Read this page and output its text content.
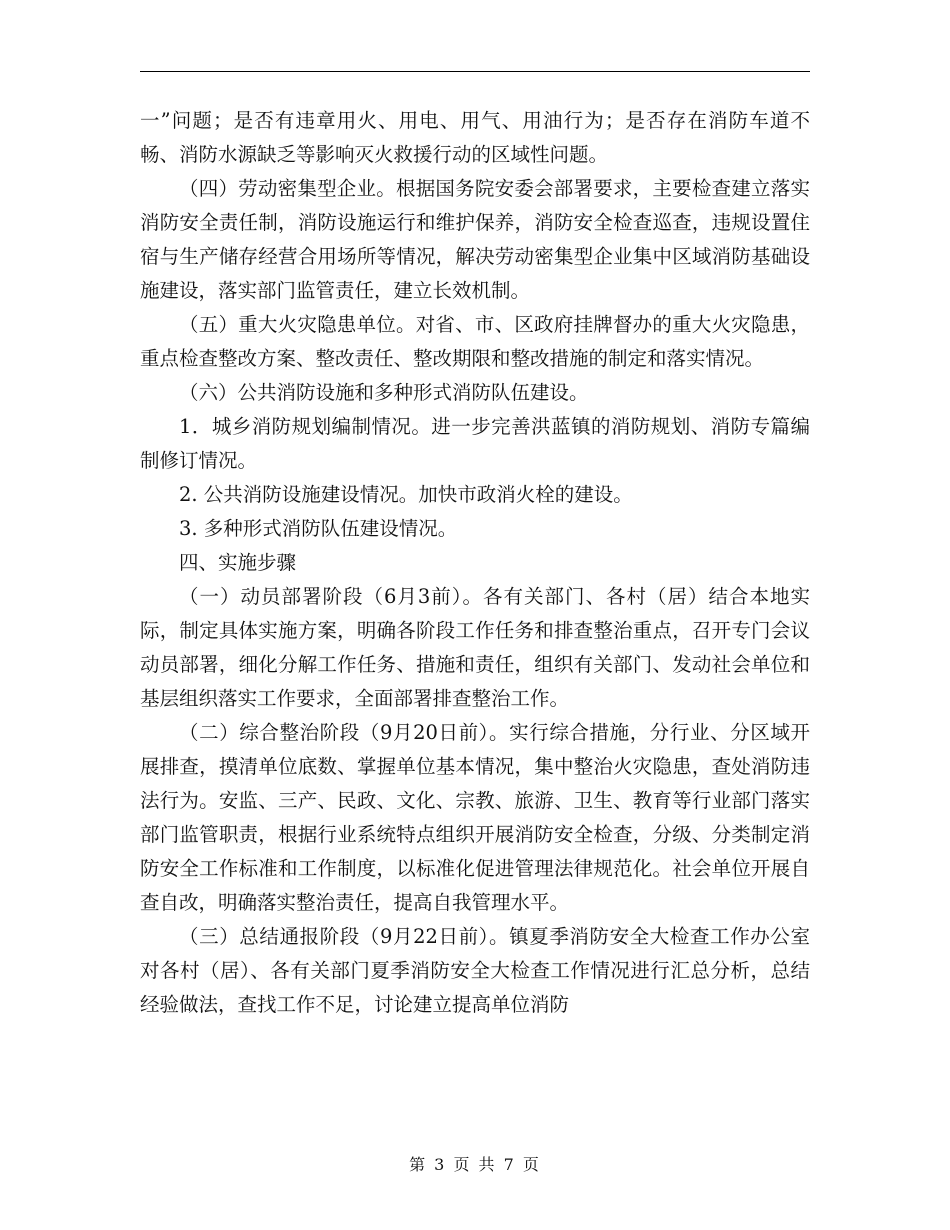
一”问题；是否有违章用火、用电、用气、用油行为；是否存在消防车道不畅、消防水源缺乏等影响灭火救援行动的区域性问题。

（四）劳动密集型企业。根据国务院安委会部署要求，主要检查建立落实消防安全责任制，消防设施运行和维护保养，消防安全检查巡查，违规设置住宿与生产储存经营合用场所等情况，解决劳动密集型企业集中区域消防基础设施建设，落实部门监管责任，建立长效机制。

（五）重大火灾隐患单位。对省、市、区政府挂牌督办的重大火灾隐患，重点检查整改方案、整改责任、整改期限和整改措施的制定和落实情况。

（六）公共消防设施和多种形式消防队伍建设。

1．城乡消防规划编制情况。进一步完善洪蓝镇的消防规划、消防专篇编制修订情况。

2. 公共消防设施建设情况。加快市政消火栓的建设。

3. 多种形式消防队伍建设情况。

四、实施步骤

（一）动员部署阶段（6月3前）。各有关部门、各村（居）结合本地实际，制定具体实施方案，明确各阶段工作任务和排查整治重点，召开专门会议动员部署，细化分解工作任务、措施和责任，组织有关部门、发动社会单位和基层组织落实工作要求，全面部署排查整治工作。

（二）综合整治阶段（9月20日前）。实行综合措施，分行业、分区域开展排查，摸清单位底数、掌握单位基本情况，集中整治火灾隐患，查处消防违法行为。安监、三产、民政、文化、宗教、旅游、卫生、教育等行业部门落实部门监管职责，根据行业系统特点组织开展消防安全检查，分级、分类制定消防安全工作标准和工作制度，以标准化促进管理法律规范化。社会单位开展自查自改，明确落实整治责任，提高自我管理水平。

（三）总结通报阶段（9月22日前）。镇夏季消防安全大检查工作办公室对各村（居）、各有关部门夏季消防安全大检查工作情况进行汇总分析，总结经验做法，查找工作不足，讨论建立提高单位消防

第 3 页 共 7 页
